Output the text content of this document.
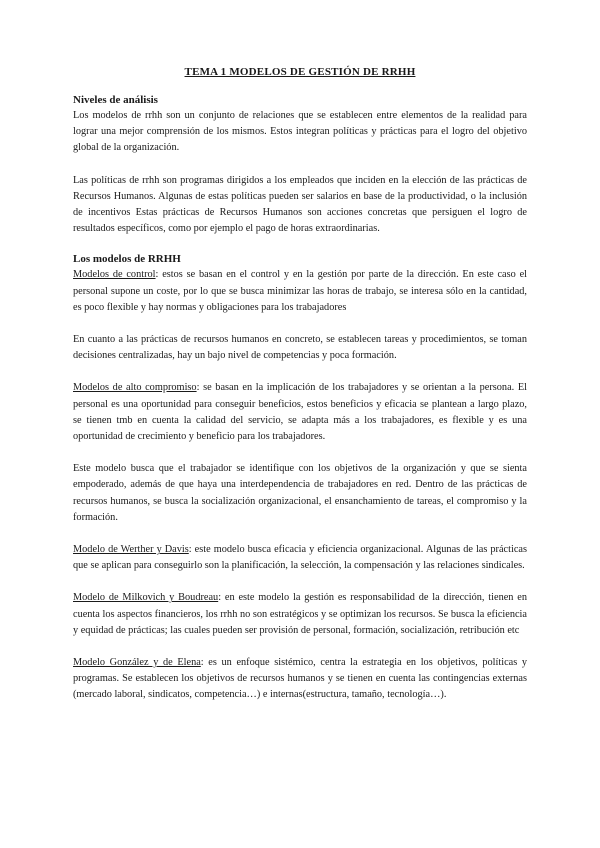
TEMA 1 MODELOS DE GESTIÓN DE RRHH
Niveles de análisis

Los modelos de rrhh son un conjunto de relaciones que se establecen entre elementos de la realidad para lograr una mejor comprensión de los mismos. Estos integran políticas y prácticas para el logro del objetivo global de la organización.

Las políticas de rrhh son programas dirigidos a los empleados que inciden en la elección de las prácticas de Recursos Humanos. Algunas de estas políticas pueden ser salarios en base de la productividad, o la inclusión de incentivos Estas prácticas de Recursos Humanos son acciones concretas que persiguen el logro de resultados específicos, como por ejemplo el pago de horas extraordinarias.

Los modelos de RRHH

Modelos de control: estos se basan en el control y en la gestión por parte de la dirección. En este caso el personal supone un coste, por lo que se busca minimizar las horas de trabajo, se interesa sólo en la cantidad, es poco flexible y hay normas y obligaciones para los trabajadores

En cuanto a las prácticas de recursos humanos en concreto, se establecen tareas y procedimientos, se toman decisiones centralizadas, hay un bajo nivel de competencias y poca formación.

Modelos de alto compromiso: se basan en la implicación de los trabajadores y se orientan a la persona. El personal es una oportunidad para conseguir beneficios, estos beneficios y eficacia se plantean a largo plazo, se tienen tmb en cuenta la calidad del servicio, se adapta más a los trabajadores, es flexible y es una oportunidad de crecimiento y beneficio para los trabajadores.

Este modelo busca que el trabajador se identifique con los objetivos de la organización y que se sienta empoderado, además de que haya una interdependencia de trabajadores en red. Dentro de las prácticas de recursos humanos, se busca la socialización organizacional, el ensanchamiento de tareas, el compromiso y la formación.

Modelo de Werther y Davis: este modelo busca eficacia y eficiencia organizacional. Algunas de las prácticas que se aplican para conseguirlo son la planificación, la selección, la compensación y las relaciones sindicales.

Modelo de Milkovich y Boudreau: en este modelo la gestión es responsabilidad de la dirección, tienen en cuenta los aspectos financieros, los rrhh no son estratégicos y se optimizan los recursos. Se busca la eficiencia y equidad de prácticas; las cuales pueden ser provisión de personal, formación, socialización, retribución etc

Modelo González y de Elena: es un enfoque sistémico, centra la estrategia en los objetivos, políticas y programas. Se establecen los objetivos de recursos humanos y se tienen en cuenta las contingencias externas (mercado laboral, sindicatos, competencia…) e internas(estructura, tamaño, tecnología…).
